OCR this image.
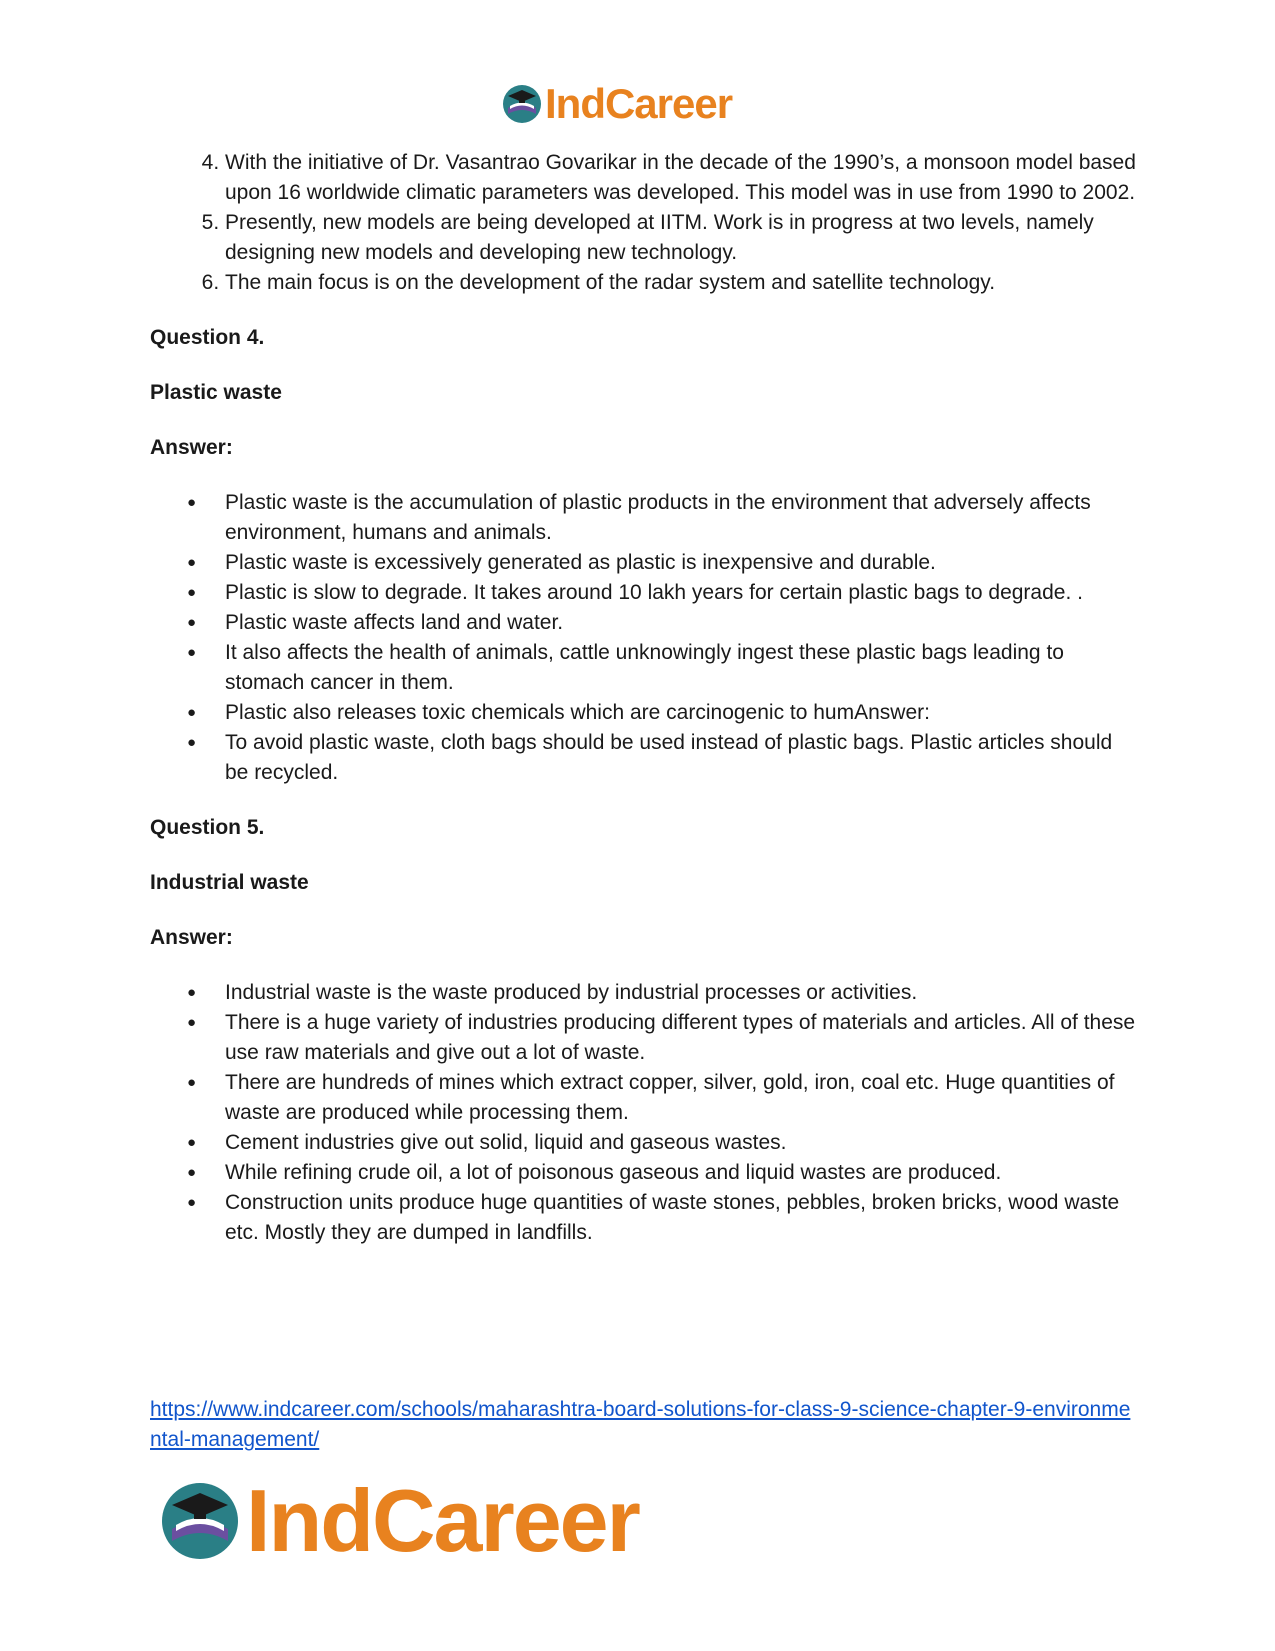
IndCareer
4. With the initiative of Dr. Vasantrao Govarikar in the decade of the 1990’s, a monsoon model based upon 16 worldwide climatic parameters was developed. This model was in use from 1990 to 2002.
5. Presently, new models are being developed at IITM. Work is in progress at two levels, namely designing new models and developing new technology.
6. The main focus is on the development of the radar system and satellite technology.

Question 4.

Plastic waste

Answer:

● Plastic waste is the accumulation of plastic products in the environment that adversely affects environment, humans and animals.
● Plastic waste is excessively generated as plastic is inexpensive and durable.
● Plastic is slow to degrade. It takes around 10 lakh years for certain plastic bags to degrade. .
● Plastic waste affects land and water.
● It also affects the health of animals, cattle unknowingly ingest these plastic bags leading to stomach cancer in them.
● Plastic also releases toxic chemicals which are carcinogenic to humAnswer:
● To avoid plastic waste, cloth bags should be used instead of plastic bags. Plastic articles should be recycled.

Question 5.

Industrial waste

Answer:

● Industrial waste is the waste produced by industrial processes or activities.
● There is a huge variety of industries producing different types of materials and articles. All of these use raw materials and give out a lot of waste.
● There are hundreds of mines which extract copper, silver, gold, iron, coal etc. Huge quantities of waste are produced while processing them.
● Cement industries give out solid, liquid and gaseous wastes.
● While refining crude oil, a lot of poisonous gaseous and liquid wastes are produced.
● Construction units produce huge quantities of waste stones, pebbles, broken bricks, wood waste etc. Mostly they are dumped in landfills.
https://www.indcareer.com/schools/maharashtra-board-solutions-for-class-9-science-chapter-9-environmental-management/
IndCareer
